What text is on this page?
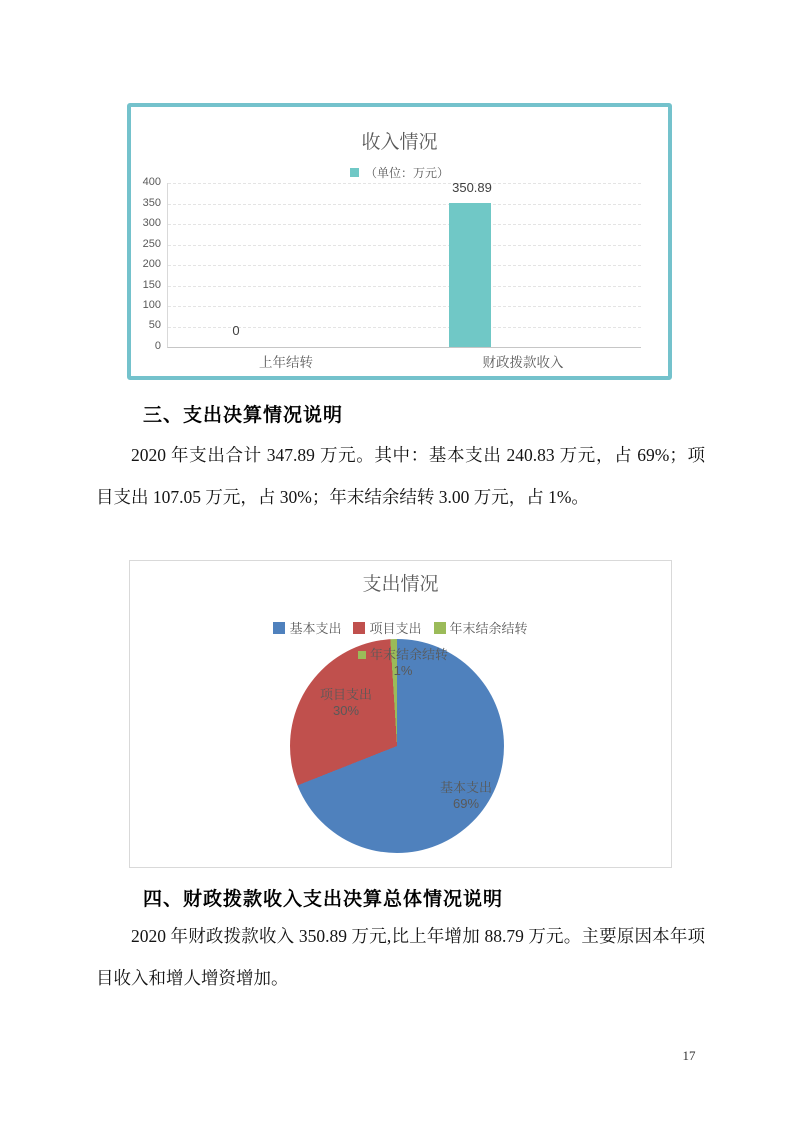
收入情况
（单位：万元）
400
350
300
250
200
150
100
50
0
0
350.89
上年结转	财政拨款收入
三、支出决算情况说明
2020 年支出合计 347.89 万元。其中：基本支出 240.83 万元，占 69%；项目支出 107.05 万元，占 30%；年末结余结转 3.00 万元，占 1%。
支出情况
基本支出 项目支出 年末结余结转
年末结余结转
1%
项目支出
30%
基本支出
69%
四、财政拨款收入支出决算总体情况说明
2020 年财政拨款收入 350.89 万元,比上年增加 88.79 万元。主要原因本年项目收入和增人增资增加。
17
